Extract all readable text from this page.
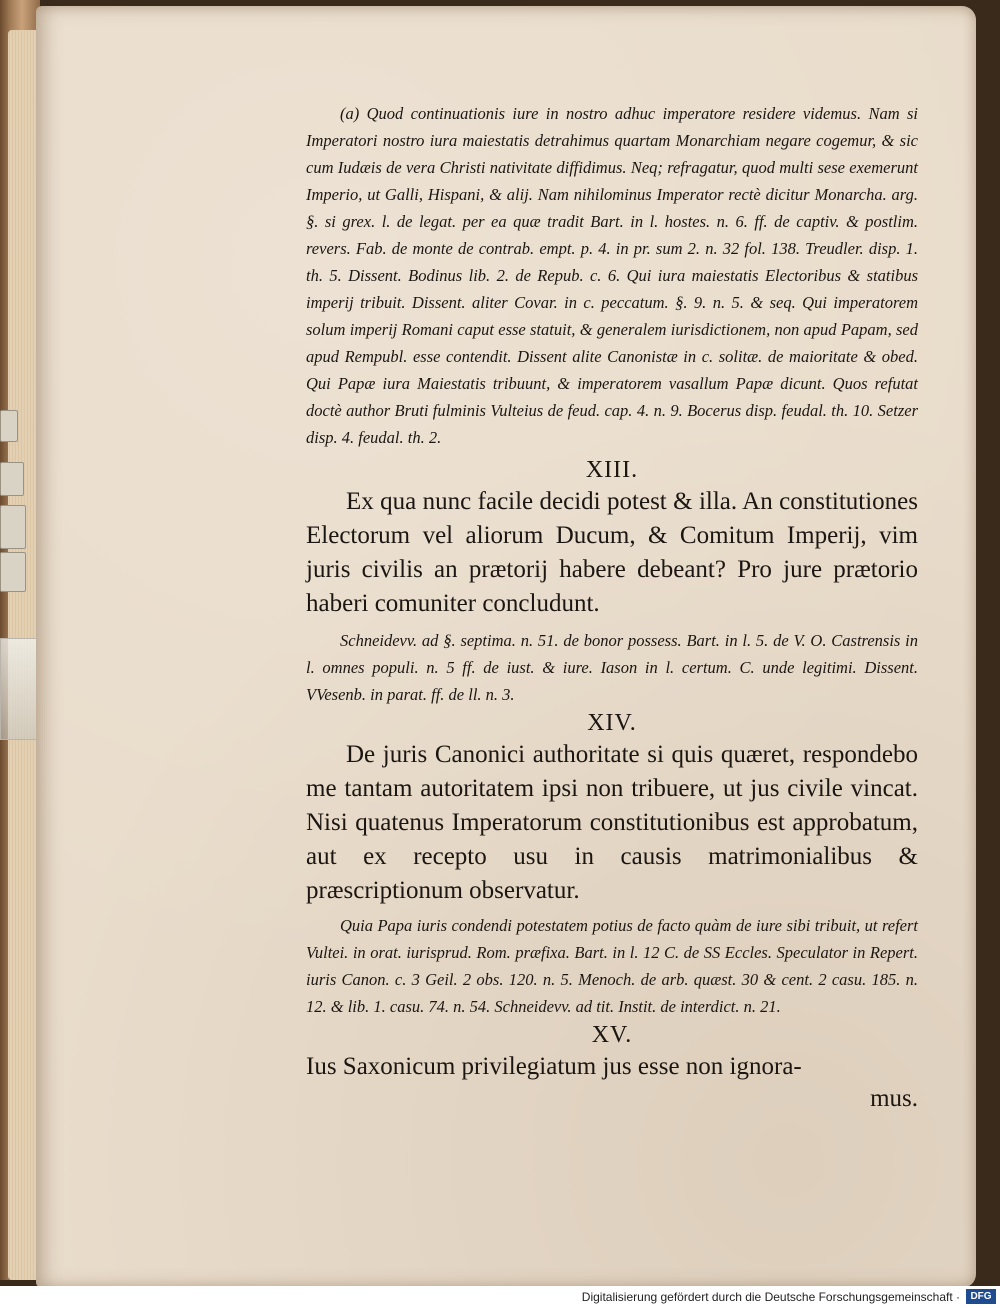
(a) Quod continuationis iure in nostro adhuc imperatore residere videmus. Nam si Imperatori nostro iura maiestatis detrahimus quartam Monarchiam negare cogemur, & sic cum Iudæis de vera Christi nativitate diffidimus. Neq; refragatur, quod multi sese exemerunt Imperio, ut Galli, Hispani, & alij. Nam nihilominus Imperator rectè dicitur Monarcha. arg. §. si grex. l. de legat. per ea quæ tradit Bart. in l. hostes. n. 6. ff. de captiv. & postlim. revers. Fab. de monte de contrab. empt. p. 4. in pr. sum 2. n. 32 fol. 138. Treudler. disp. 1. th. 5. Dissent. Bodinus lib. 2. de Repub. c. 6. Qui iura maiestatis Electoribus & statibus imperij tribuit. Dissent. aliter Covar. in c. peccatum. §. 9. n. 5. & seq. Qui imperatorem solum imperij Romani caput esse statuit, & generalem iurisdictionem, non apud Papam, sed apud Rempubl. esse contendit. Dissent alite Canonistæ in c. solitæ. de maioritate & obed. Qui Papæ iura Maiestatis tribuunt, & imperatorem vasallum Papæ dicunt. Quos refutat doctè author Bruti fulminis Vulteius de feud. cap. 4. n. 9. Bocerus disp. feudal. th. 10. Setzer disp. 4. feudal. th. 2.

XIII.

Ex qua nunc facile decidi potest & illa. An constitutiones Electorum vel aliorum Ducum, & Comitum Imperij, vim juris civilis an prætorij habere debeant? Pro jure prætorio haberi comuniter concludunt.

Schneidevv. ad §. septima. n. 51. de bonor possess. Bart. in l. 5. de V. O. Castrensis in l. omnes populi. n. 5 ff. de iust. & iure. Iason in l. certum. C. unde legitimi. Dissent. VVesenb. in parat. ff. de ll. n. 3.

XIV.

De juris Canonici authoritate si quis quæret, respondebo me tantam autoritatem ipsi non tribuere, ut jus civile vincat. Nisi quatenus Imperatorum constitutionibus est approbatum, aut ex recepto usu in causis matrimonialibus & præscriptionum observatur.

Quia Papa iuris condendi potestatem potius de facto quàm de iure sibi tribuit, ut refert Vultei. in orat. iurisprud. Rom. præfixa. Bart. in l. 12 C. de SS Eccles. Speculator in Repert. iuris Canon. c. 3 Geil. 2 obs. 120. n. 5. Menoch. de arb. quæst. 30 & cent. 2 casu. 185. n. 12. & lib. 1. casu. 74. n. 54. Schneidevv. ad tit. Instit. de interdict. n. 21.

XV.

Ius Saxonicum privilegiatum jus esse non ignora-

mus.

Digitalisierung gefördert durch die Deutsche Forschungsgemeinschaft ·	DFG
